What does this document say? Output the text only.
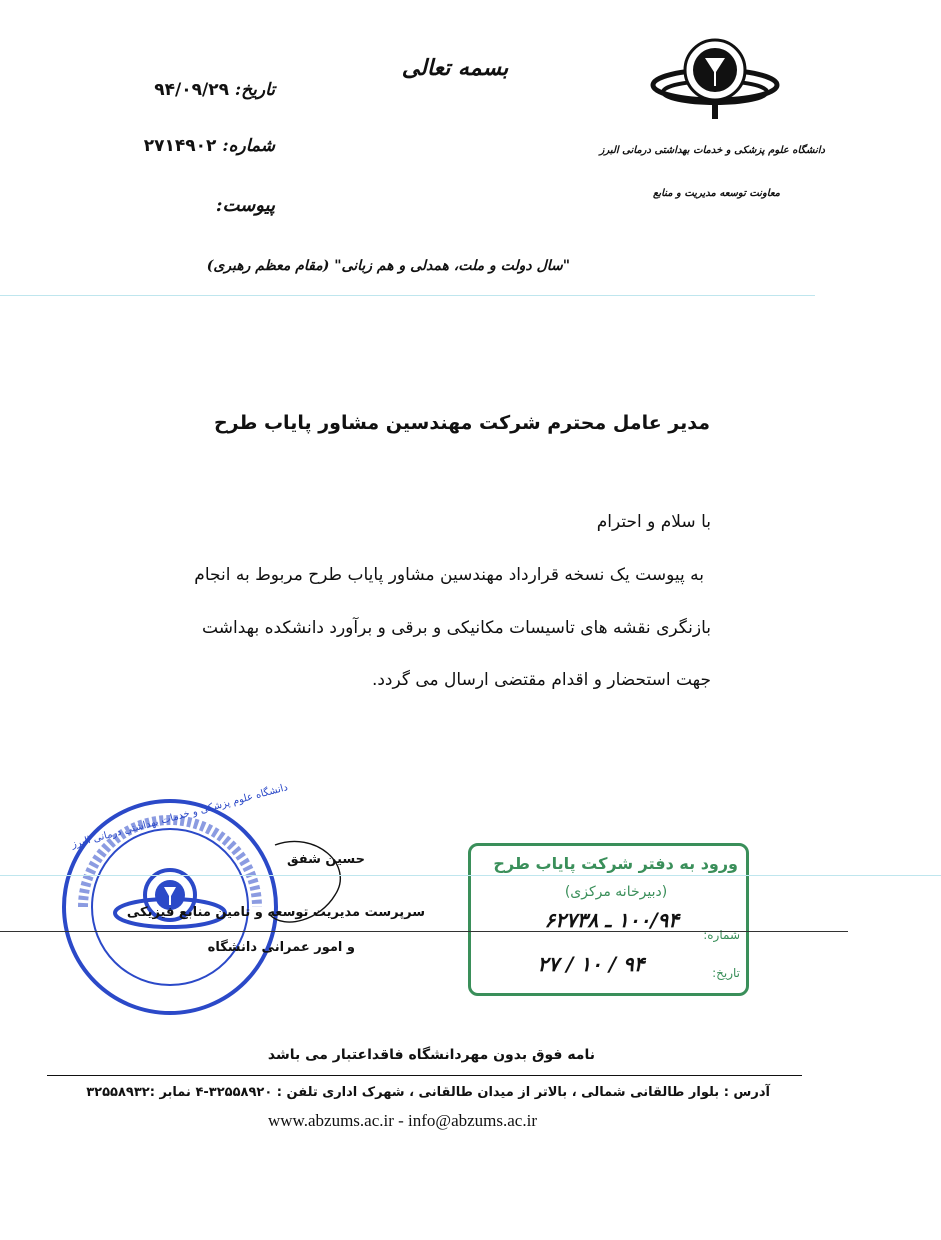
بسمه تعالی
تاریخ: ۹۴/۰۹/۲۹
شماره: ۲۷۱۴۹۰۲
پیوست:
دانشگاه علوم پزشکی و خدمات بهداشتی درمانی البرز
معاونت توسعه مدیریت و منابع
"سال دولت و ملت، همدلی و هم زبانی" (مقام معظم رهبری)
مدیر عامل محترم شرکت مهندسین مشاور پایاب طرح
با سلام و احترام
به پیوست یک نسخه قرارداد مهندسین مشاور پایاب طرح مربوط به انجام
بازنگری نقشه های تاسیسات مکانیکی و برقی و برآورد دانشکده بهداشت
جهت استحضار و اقدام مقتضی ارسال می گردد.
دانشگاه علوم پزشکی و خدمات بهداشتی درمانی البرز
حسین شفق
سرپرست مدیریت توسعه و تامین منابع فیزیکی
و امور عمرانی دانشگاه
ورود به دفتر شرکت پایاب طرح
(دبیرخانه مرکزی)
شماره:
۱۰۰/۹۴ ـ ۶۲۷۳۸
تاریخ:
۹۴ / ۱۰ / ۲۷
نامه فوق بدون مهردانشگاه فاقداعتبار می باشد
آدرس : بلوار طالقانی شمالی ، بالاتر از میدان طالقانی ، شهرک اداری تلفن : ۳۲۵۵۸۹۲۰-۴ نمابر :۳۲۵۵۸۹۳۲
www.abzums.ac.ir - info@abzums.ac.ir
